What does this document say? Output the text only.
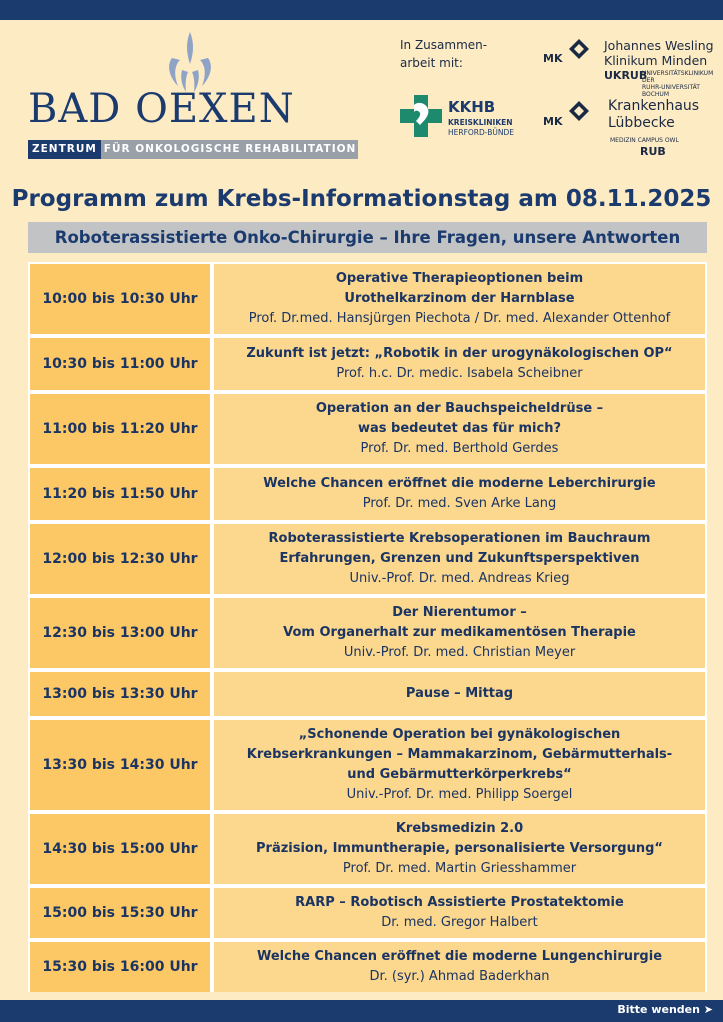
BAD OEXEN
ZENTRUM FÜR ONKOLOGISCHE REHABILITATION
In Zusammen-
arbeit mit:
KKHB
KREISKLINIKEN
HERFORD-BÜNDE
MK
Johannes Wesling
Klinikum Minden
UKRUB
UNIVERSITÄTSKLINIKUM DER
RUHR-UNIVERSITÄT BOCHUM
MK
Krankenhaus
Lübbecke
MEDIZIN CAMPUS OWL
RUB
Programm zum Krebs-Informationstag am 08.11.2025
Roboterassistierte Onko-Chirurgie – Ihre Fragen, unsere Antworten
10:00 bis 10:30 Uhr
Operative Therapieoptionen beim
Urothelkarzinom der Harnblase
Prof. Dr.med. Hansjürgen Piechota / Dr. med. Alexander Ottenhof
10:30 bis 11:00 Uhr
Zukunft ist jetzt: „Robotik in der urogynäkologischen OP“
Prof. h.c. Dr. medic. Isabela Scheibner
11:00 bis 11:20 Uhr
Operation an der Bauchspeicheldrüse –
was bedeutet das für mich?
Prof. Dr. med. Berthold Gerdes
11:20 bis 11:50 Uhr
Welche Chancen eröffnet die moderne Leberchirurgie
Prof. Dr. med. Sven Arke Lang
12:00 bis 12:30 Uhr
Roboterassistierte Krebsoperationen im Bauchraum
Erfahrungen, Grenzen und Zukunftsperspektiven
Univ.-Prof. Dr. med. Andreas Krieg
12:30 bis 13:00 Uhr
Der Nierentumor –
Vom Organerhalt zur medikamentösen Therapie
Univ.-Prof. Dr. med. Christian Meyer
13:00 bis 13:30 Uhr	Pause – Mittag
13:30 bis 14:30 Uhr
„Schonende Operation bei gynäkologischen
Krebserkrankungen – Mammakarzinom, Gebärmutterhals-
und Gebärmutterkörperkrebs“
Univ.-Prof. Dr. med. Philipp Soergel
14:30 bis 15:00 Uhr
Krebsmedizin 2.0
Präzision, Immuntherapie, personalisierte Versorgung“
Prof. Dr. med. Martin Griesshammer
15:00 bis 15:30 Uhr
RARP – Robotisch Assistierte Prostatektomie
Dr. med. Gregor Halbert
15:30 bis 16:00 Uhr
Welche Chancen eröffnet die moderne Lungenchirurgie
Dr. (syr.) Ahmad Baderkhan
Bitte wenden ➤
